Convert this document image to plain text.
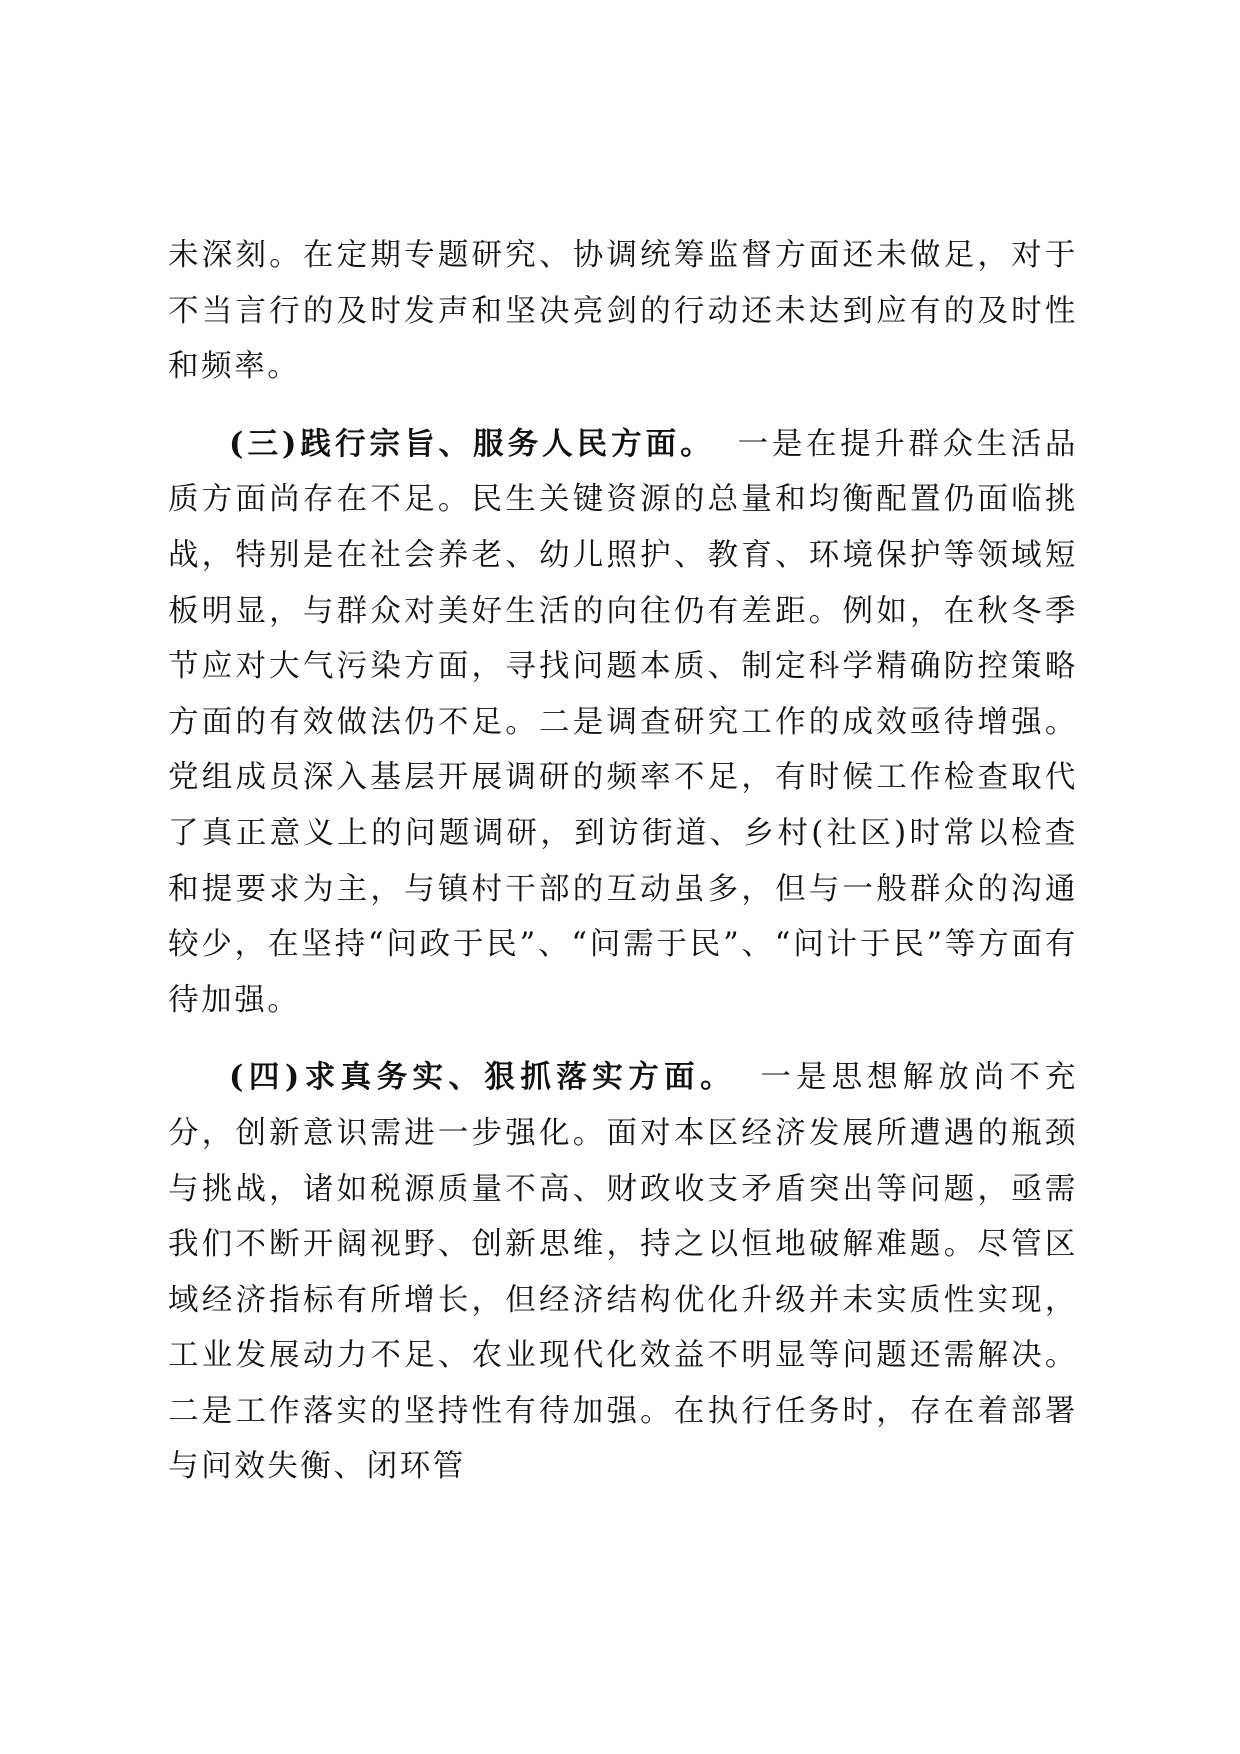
未深刻。在定期专题研究、协调统筹监督方面还未做足，对于不当言行的及时发声和坚决亮剑的行动还未达到应有的及时性和频率。

(三)践行宗旨、服务人民方面。 一是在提升群众生活品质方面尚存在不足。民生关键资源的总量和均衡配置仍面临挑战，特别是在社会养老、幼儿照护、教育、环境保护等领域短板明显，与群众对美好生活的向往仍有差距。例如，在秋冬季节应对大气污染方面，寻找问题本质、制定科学精确防控策略方面的有效做法仍不足。二是调查研究工作的成效亟待增强。党组成员深入基层开展调研的频率不足，有时候工作检查取代了真正意义上的问题调研，到访街道、乡村(社区)时常以检查和提要求为主，与镇村干部的互动虽多，但与一般群众的沟通较少，在坚持“问政于民”、“问需于民”、“问计于民”等方面有待加强。

(四)求真务实、狠抓落实方面。 一是思想解放尚不充分，创新意识需进一步强化。面对本区经济发展所遭遇的瓶颈与挑战，诸如税源质量不高、财政收支矛盾突出等问题，亟需我们不断开阔视野、创新思维，持之以恒地破解难题。尽管区域经济指标有所增长，但经济结构优化升级并未实质性实现，工业发展动力不足、农业现代化效益不明显等问题还需解决。二是工作落实的坚持性有待加强。在执行任务时，存在着部署与问效失衡、闭环管
